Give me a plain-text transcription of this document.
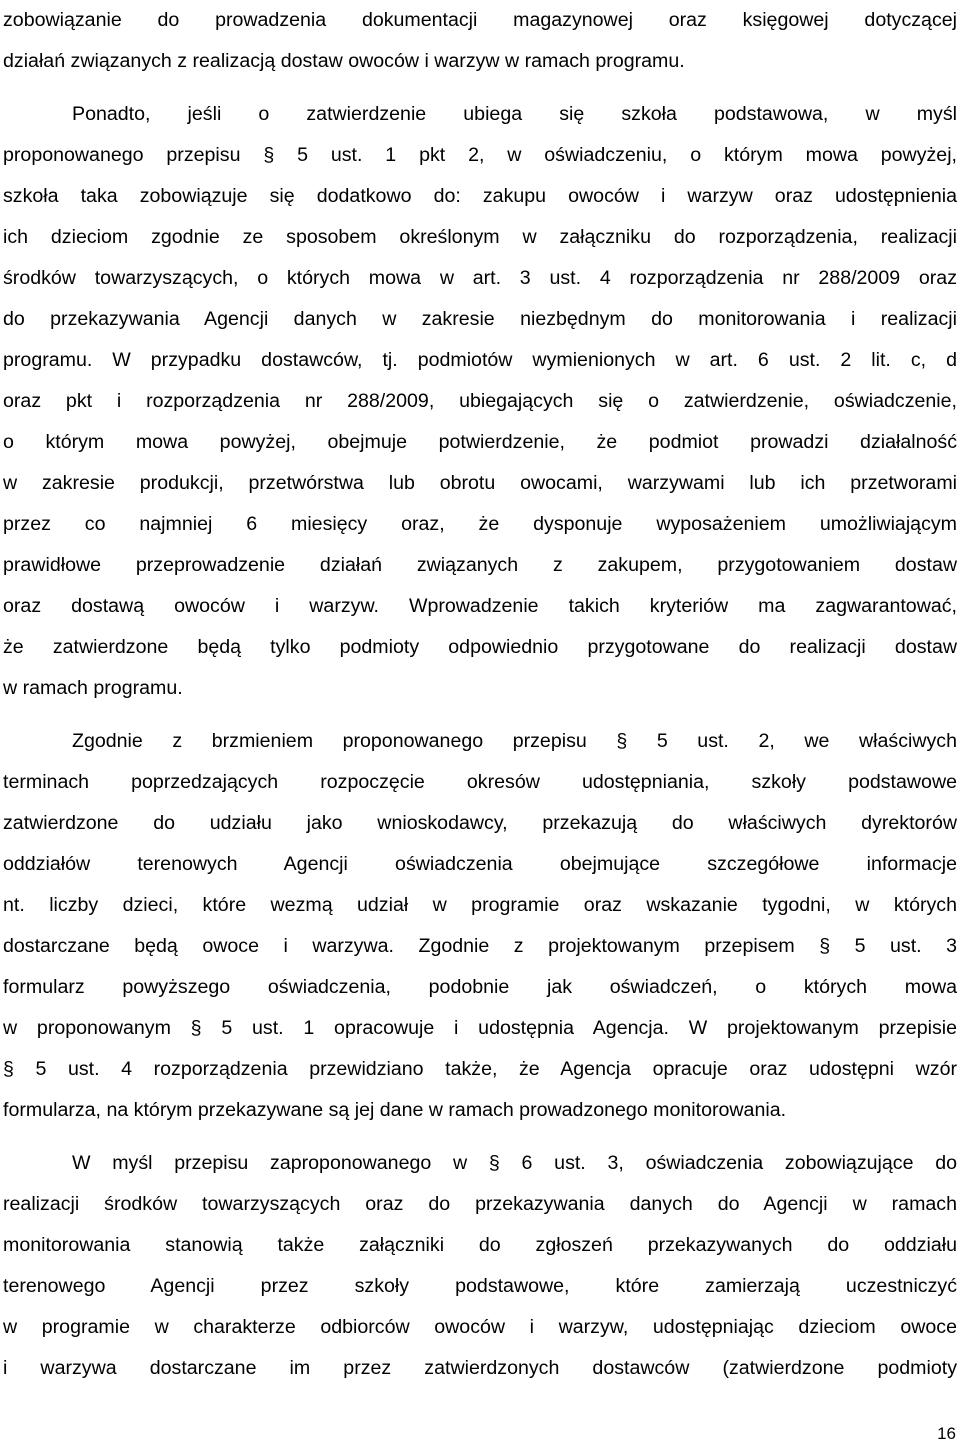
zobowiązanie do prowadzenia dokumentacji magazynowej oraz księgowej dotyczącej
działań związanych z realizacją dostaw owoców i warzyw w ramach programu.
Ponadto, jeśli o zatwierdzenie ubiega się szkoła podstawowa, w myśl
proponowanego przepisu § 5 ust. 1 pkt 2, w oświadczeniu, o którym mowa powyżej,
szkoła taka zobowiązuje się dodatkowo do: zakupu owoców i warzyw oraz udostępnienia
ich dzieciom zgodnie ze sposobem określonym w załączniku do rozporządzenia, realizacji
środków towarzyszących, o których mowa w art. 3 ust. 4 rozporządzenia nr 288/2009 oraz
do przekazywania Agencji danych w zakresie niezbędnym do monitorowania i realizacji
programu. W przypadku dostawców, tj. podmiotów wymienionych w art. 6 ust. 2 lit. c, d
oraz pkt i rozporządzenia nr 288/2009, ubiegających się o zatwierdzenie, oświadczenie,
o którym mowa powyżej, obejmuje potwierdzenie, że podmiot prowadzi działalność
w zakresie produkcji, przetwórstwa lub obrotu owocami, warzywami lub ich przetworami
przez co najmniej 6 miesięcy oraz, że dysponuje wyposażeniem umożliwiającym
prawidłowe przeprowadzenie działań związanych z zakupem, przygotowaniem dostaw
oraz dostawą owoców i warzyw. Wprowadzenie takich kryteriów ma zagwarantować,
że zatwierdzone będą tylko podmioty odpowiednio przygotowane do realizacji dostaw
w ramach programu.
Zgodnie z brzmieniem proponowanego przepisu § 5 ust. 2, we właściwych
terminach poprzedzających rozpoczęcie okresów udostępniania, szkoły podstawowe
zatwierdzone do udziału jako wnioskodawcy, przekazują do właściwych dyrektorów
oddziałów terenowych Agencji oświadczenia obejmujące szczegółowe informacje
nt. liczby dzieci, które wezmą udział w programie oraz wskazanie tygodni, w których
dostarczane będą owoce i warzywa. Zgodnie z projektowanym przepisem § 5 ust. 3
formularz powyższego oświadczenia, podobnie jak oświadczeń, o których mowa
w proponowanym § 5 ust. 1 opracowuje i udostępnia Agencja. W projektowanym przepisie
§ 5 ust. 4 rozporządzenia przewidziano także, że Agencja opracuje oraz udostępni wzór
formularza, na którym przekazywane są jej dane w ramach prowadzonego monitorowania.
W myśl przepisu zaproponowanego w § 6 ust. 3, oświadczenia zobowiązujące do
realizacji środków towarzyszących oraz do przekazywania danych do Agencji w ramach
monitorowania stanowią także załączniki do zgłoszeń przekazywanych do oddziału
terenowego Agencji przez szkoły podstawowe, które zamierzają uczestniczyć
w programie w charakterze odbiorców owoców i warzyw, udostępniając dzieciom owoce
i warzywa dostarczane im przez zatwierdzonych dostawców (zatwierdzone podmioty
16
